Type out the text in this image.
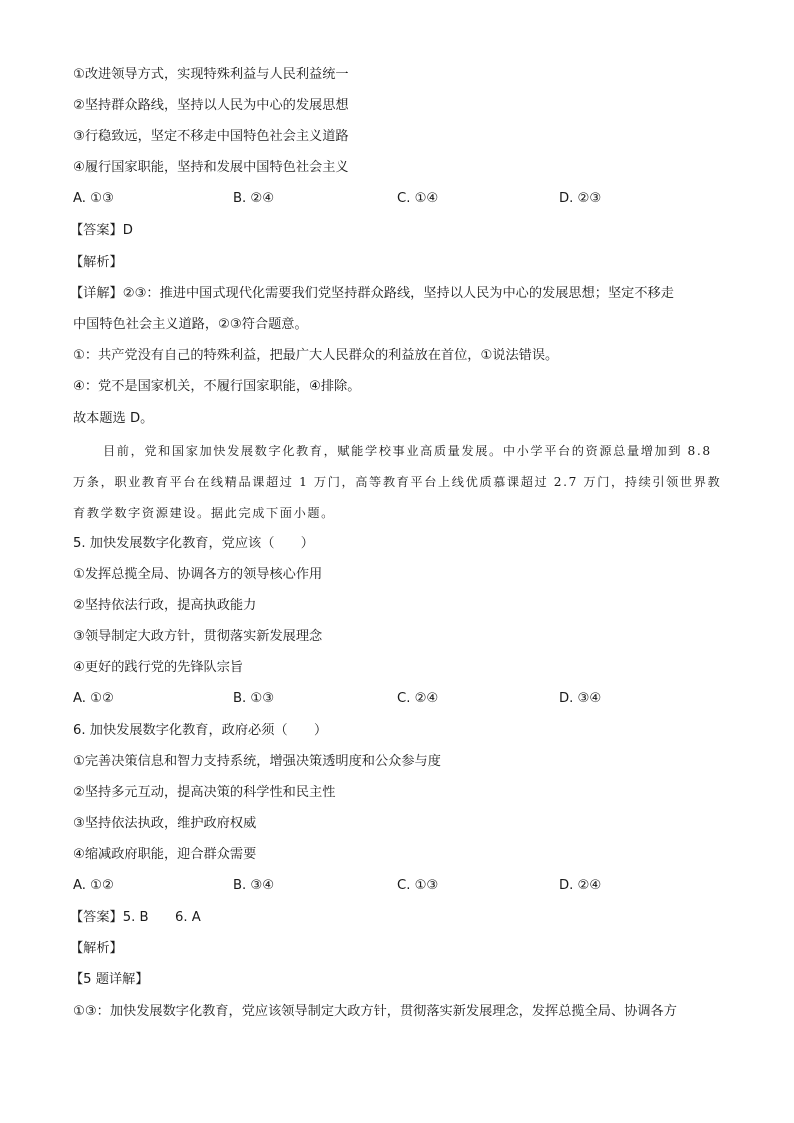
①改进领导方式，实现特殊利益与人民利益统一
②坚持群众路线，坚持以人民为中心的发展思想
③行稳致远，坚定不移走中国特色社会主义道路
④履行国家职能，坚持和发展中国特色社会主义
A. ①③	B. ②④	C. ①④	D. ②③
【答案】D
【解析】
【详解】②③：推进中国式现代化需要我们党坚持群众路线，坚持以人民为中心的发展思想；坚定不移走
中国特色社会主义道路，②③符合题意。
①：共产党没有自己的特殊利益，把最广大人民群众的利益放在首位，①说法错误。
④：党不是国家机关，不履行国家职能，④排除。
故本题选 D。
目前，党和国家加快发展数字化教育，赋能学校事业高质量发展。中小学平台的资源总量增加到 8.8
万条，职业教育平台在线精品课超过 1 万门，高等教育平台上线优质慕课超过 2.7 万门，持续引领世界教
育教学数字资源建设。据此完成下面小题。
5. 加快发展数字化教育，党应该（　　）
①发挥总揽全局、协调各方的领导核心作用
②坚持依法行政，提高执政能力
③领导制定大政方针，贯彻落实新发展理念
④更好的践行党的先锋队宗旨
A. ①②	B. ①③	C. ②④	D. ③④
6. 加快发展数字化教育，政府必须（　　）
①完善决策信息和智力支持系统，增强决策透明度和公众参与度
②坚持多元互动，提高决策的科学性和民主性
③坚持依法执政，维护政府权威
④缩减政府职能，迎合群众需要
A. ①②	B. ③④	C. ①③	D. ②④
【答案】5. B　　6. A
【解析】
【5 题详解】
①③：加快发展数字化教育，党应该领导制定大政方针，贯彻落实新发展理念，发挥总揽全局、协调各方
